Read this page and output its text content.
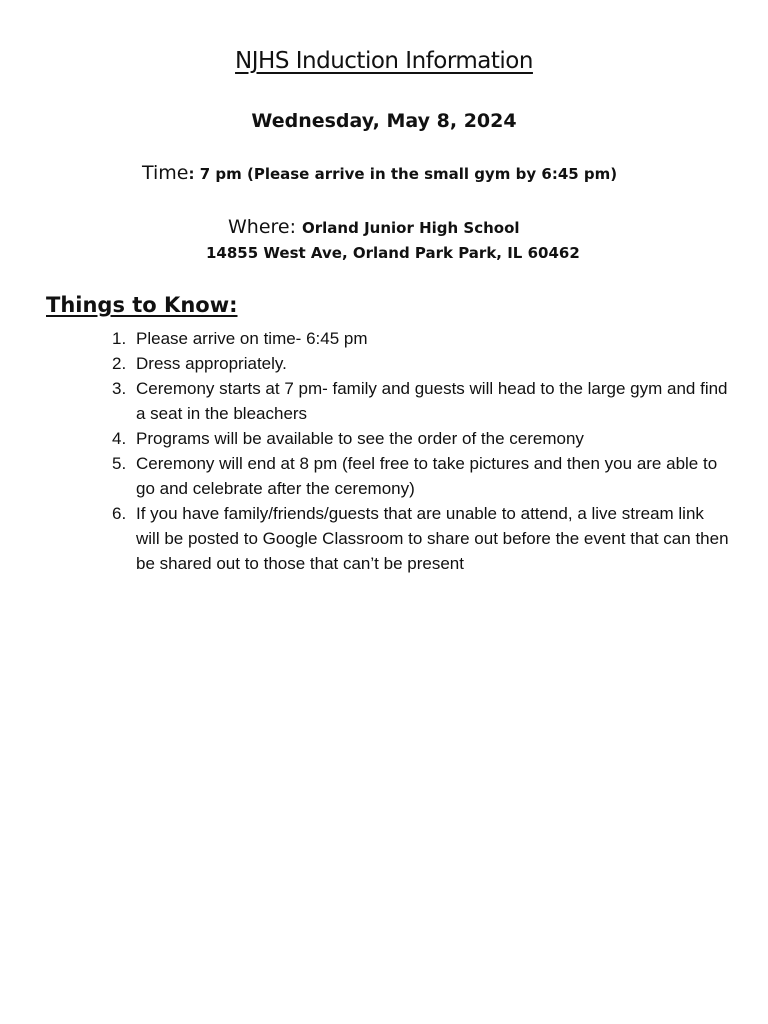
NJHS Induction Information
Wednesday, May 8, 2024
Time: 7 pm (Please arrive in the small gym by 6:45 pm)
Where: Orland Junior High School
14855 West Ave, Orland Park Park, IL 60462
Things to Know:
1. Please arrive on time- 6:45 pm
2. Dress appropriately.
3. Ceremony starts at 7 pm- family and guests will head to the large gym and find a seat in the bleachers
4. Programs will be available to see the order of the ceremony
5. Ceremony will end at 8 pm (feel free to take pictures and then you are able to go and celebrate after the ceremony)
6. If you have family/friends/guests that are unable to attend, a live stream link will be posted to Google Classroom to share out before the event that can then be shared out to those that can’t be present
